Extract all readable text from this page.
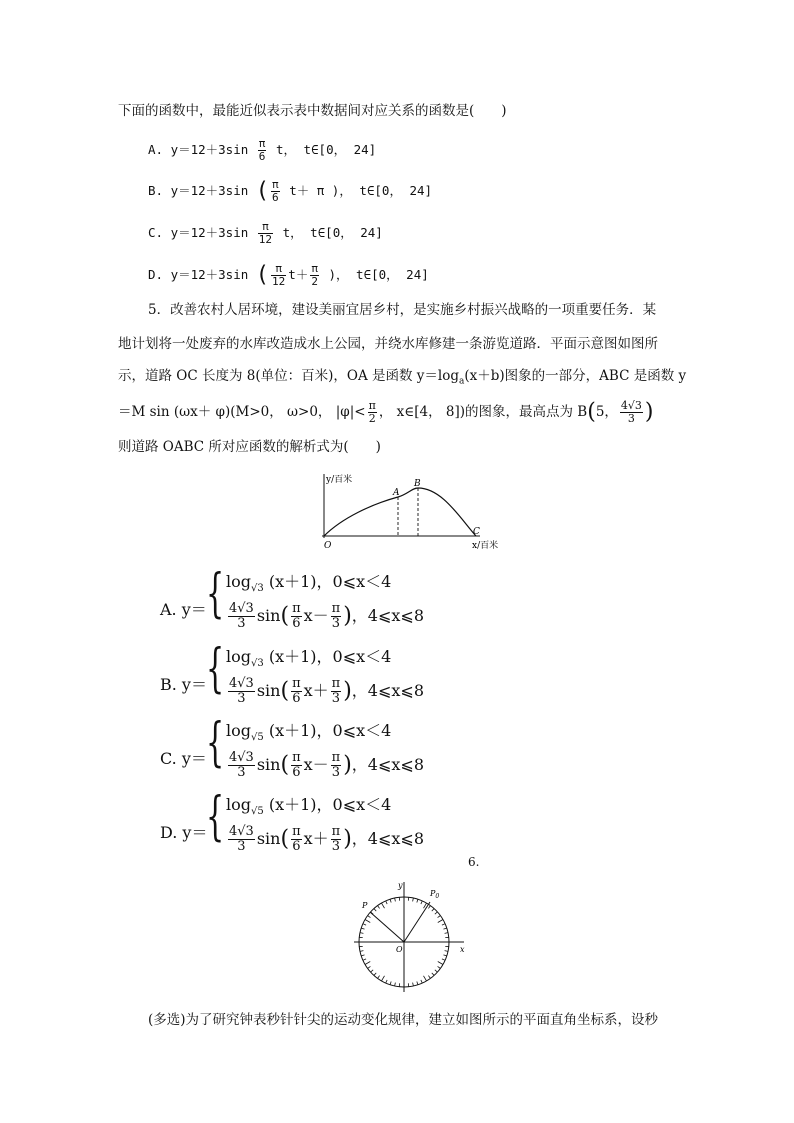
下面的函数中，最能近似表示表中数据间对应关系的函数是(　　)
A. $y=12+3\sin \frac{\pi}{6}$ t， t∈[0， 24]
B. y＝12＋3sin ( $\frac{\pi}{6} t+ \pi$ )， t∈[0， 24]
C. $y=12+3\sin \frac{\pi}{12}$ t， t∈[0， 24]
D. y＝12＋3sin ( $\frac{\pi}{12} t+ \frac{\pi}{2}$ )， t∈[0， 24]
5．改善农村人居环境，建设美丽宜居乡村，是实施乡村振兴战略的一项重要任务．某
地计划将一处废弃的水库改造成水上公园，并绕水库修建一条游览道路．平面示意图如图所
示，道路 OC 长度为 8(单位：百米)，OA 是函数 $y=\log_a(x+b)$图象的一部分，ABC 是函数 y
＝M sin (ωx＋ φ)(M>0， ω>0， $|\varphi|< \frac{\pi}{2}$ ， x∈[4， 8])的图象，最高点为 B(5， $\frac{4√3}{3}$ )
则道路 OABC 所对应函数的解析式为(　　)
y/百米
x/百米
O
A
B
C
A. y＝ { $\log_{√3} (x+1)$，0⩽x＜4
$\frac{4√3}{3} \sin( \frac{\pi}{6} x- \frac{\pi}{3}$ )，4⩽x⩽8
B. y＝ { $\log_{√3} (x+1)$，0⩽x＜4
$\frac{4√3}{3} \sin( \frac{\pi}{6} x+ \frac{\pi}{3}$ )，4⩽x⩽8
C. y＝ { $\log_{√5} (x+1)$，0⩽x＜4
$\frac{4√3}{3} \sin( \frac{\pi}{6} x- \frac{\pi}{3}$ )，4⩽x⩽8
D. y＝
{ $\log_{√5} (x+1)$，0⩽x＜4
$\frac{4√3}{3} \sin( \frac{\pi}{6} x+ \frac{\pi}{3}$ )，4⩽x⩽8
6.
y
x
O
P
$P_0$
(多选)为了研究钟表秒针针尖的运动变化规律，建立如图所示的平面直角坐标系，设秒
